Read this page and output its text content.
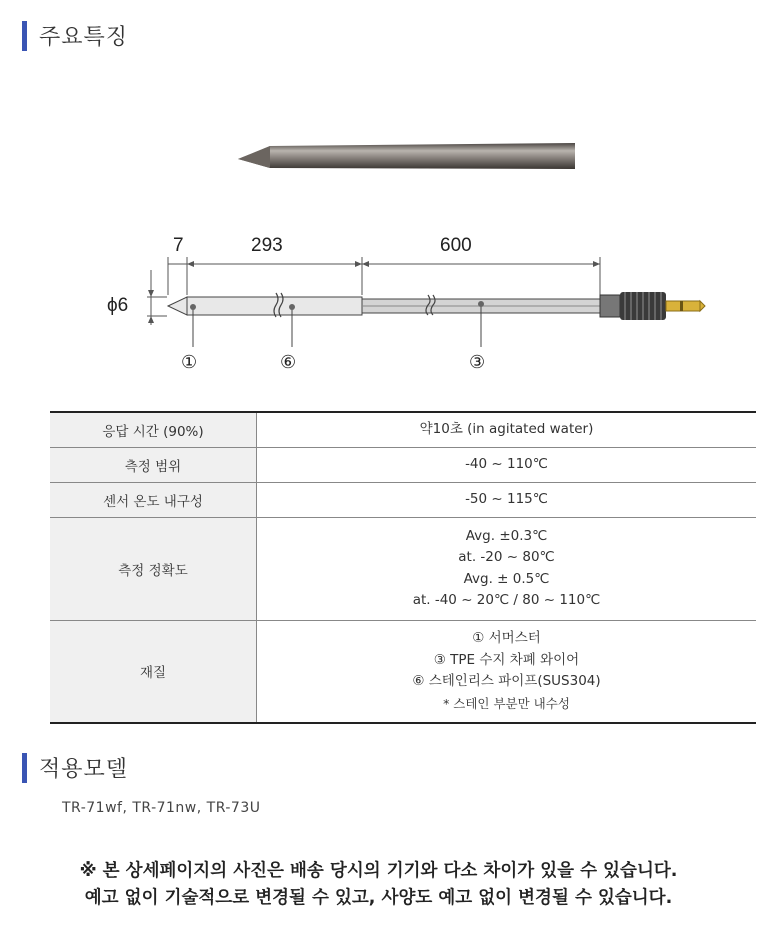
주요특징
7	293	600
ϕ6
①	⑥	③
응답 시간 (90%)	약10초 (in agitated water)

측정 범위	-40 ~ 110℃

센서 온도 내구성	-50 ~ 115℃

측정 정확도	Avg. ±0.3℃
at. -20 ~ 80℃
Avg. ± 0.5℃
at. -40 ~ 20℃ / 80 ~ 110℃

재질	① 서머스터
③ TPE 수지 차폐 와이어
⑥ 스테인리스 파이프(SUS304)
* 스테인 부분만 내수성
적용모델
TR-71wf, TR-71nw, TR-73U
※ 본 상세페이지의 사진은 배송 당시의 기기와 다소 차이가 있을 수 있습니다.
예고 없이 기술적으로 변경될 수 있고, 사양도 예고 없이 변경될 수 있습니다.
